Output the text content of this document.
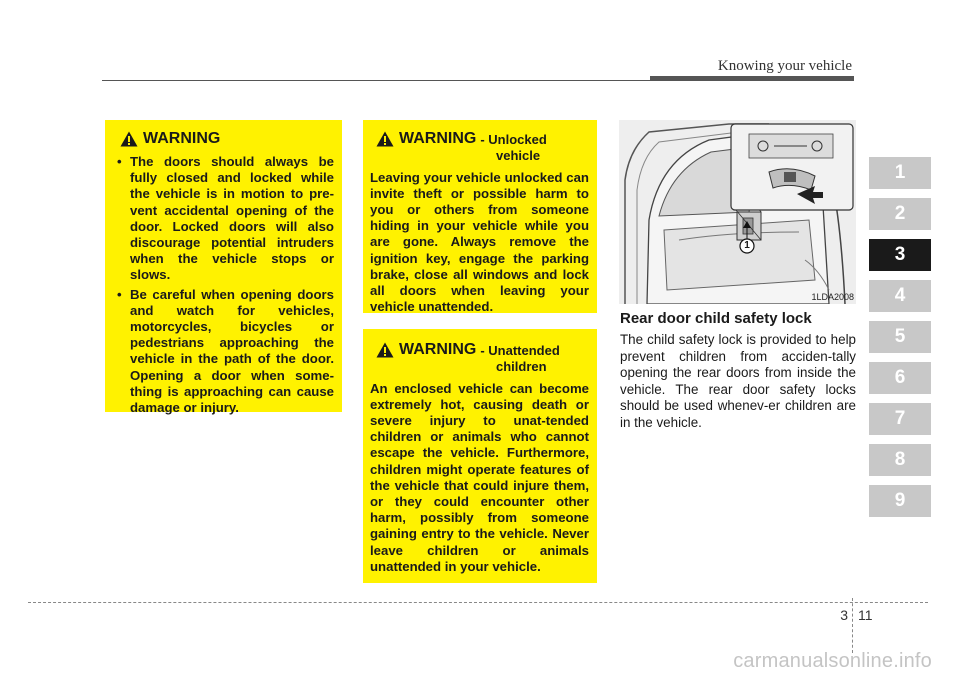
Knowing your vehicle
WARNING

• The doors should always be fully closed and locked while the vehicle is in motion to pre-vent accidental opening of the door. Locked doors will also discourage potential intruders when the vehicle stops or slows.

• Be careful when opening doors and watch for vehicles, motorcycles, bicycles or pedestrians approaching the vehicle in the path of the door. Opening a door when some-thing is approaching can cause damage or injury.

WARNING - Unlocked
vehicle

Leaving your vehicle unlocked can invite theft or possible harm to you or others from someone hiding in your vehicle while you are gone. Always remove the ignition key, engage the parking brake, close all windows and lock all doors when leaving your vehicle unattended.

WARNING - Unattended
children

An enclosed vehicle can become extremely hot, causing death or severe injury to unat-tended children or animals who cannot escape the vehicle. Furthermore, children might operate features of the vehicle that could injure them, or they could encounter other harm, possibly from someone gaining entry to the vehicle. Never leave children or animals unattended in your vehicle.

1
1LDA2008
Rear door child safety lock

The child safety lock is provided to help prevent children from acciden-tally opening the rear doors from inside the vehicle. The rear door safety locks should be used whenev-er children are in the vehicle.

1
2
3
4
5
6
7
8
9
3 11
carmanualsonline.info
